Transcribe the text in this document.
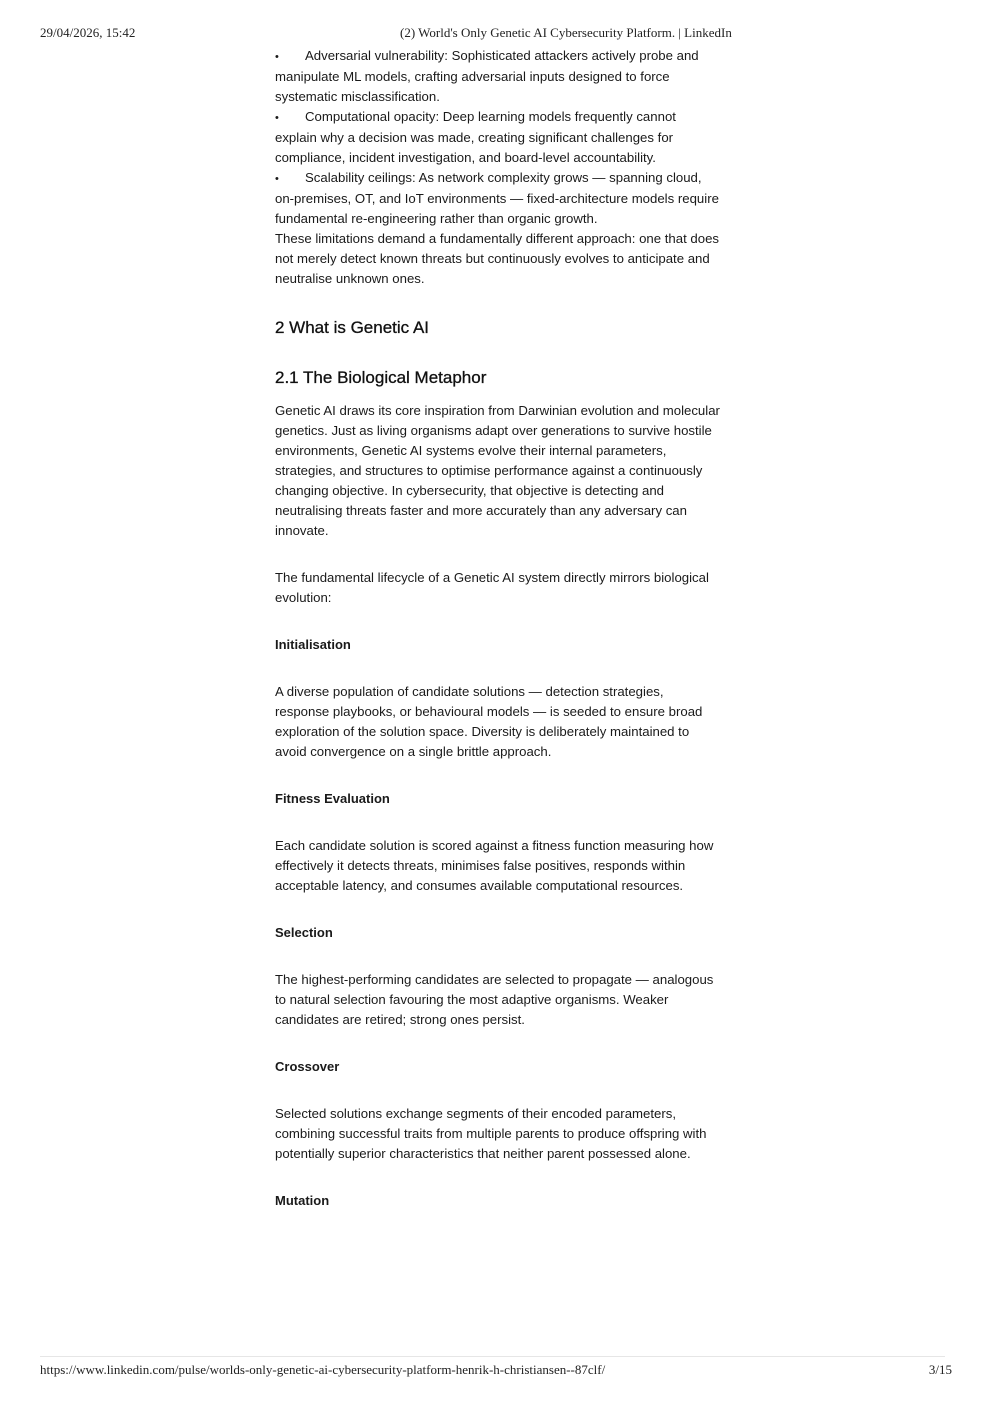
29/04/2026, 15:42	(2) World's Only Genetic AI Cybersecurity Platform. | LinkedIn

• Adversarial vulnerability: Sophisticated attackers actively probe and manipulate ML models, crafting adversarial inputs designed to force systematic misclassification.

• Computational opacity: Deep learning models frequently cannot explain why a decision was made, creating significant challenges for compliance, incident investigation, and board-level accountability.

• Scalability ceilings: As network complexity grows — spanning cloud, on-premises, OT, and IoT environments — fixed-architecture models require fundamental re-engineering rather than organic growth.

These limitations demand a fundamentally different approach: one that does not merely detect known threats but continuously evolves to anticipate and neutralise unknown ones.

2 What is Genetic AI
2.1 The Biological Metaphor

Genetic AI draws its core inspiration from Darwinian evolution and molecular genetics. Just as living organisms adapt over generations to survive hostile environments, Genetic AI systems evolve their internal parameters, strategies, and structures to optimise performance against a continuously changing objective. In cybersecurity, that objective is detecting and neutralising threats faster and more accurately than any adversary can innovate.

The fundamental lifecycle of a Genetic AI system directly mirrors biological evolution:

Initialisation

A diverse population of candidate solutions — detection strategies, response playbooks, or behavioural models — is seeded to ensure broad exploration of the solution space. Diversity is deliberately maintained to avoid convergence on a single brittle approach.

Fitness Evaluation

Each candidate solution is scored against a fitness function measuring how effectively it detects threats, minimises false positives, responds within acceptable latency, and consumes available computational resources.

Selection

The highest-performing candidates are selected to propagate — analogous to natural selection favouring the most adaptive organisms. Weaker candidates are retired; strong ones persist.

Crossover

Selected solutions exchange segments of their encoded parameters, combining successful traits from multiple parents to produce offspring with potentially superior characteristics that neither parent possessed alone.

Mutation

https://www.linkedin.com/pulse/worlds-only-genetic-ai-cybersecurity-platform-henrik-h-christiansen--87clf/	3/15
